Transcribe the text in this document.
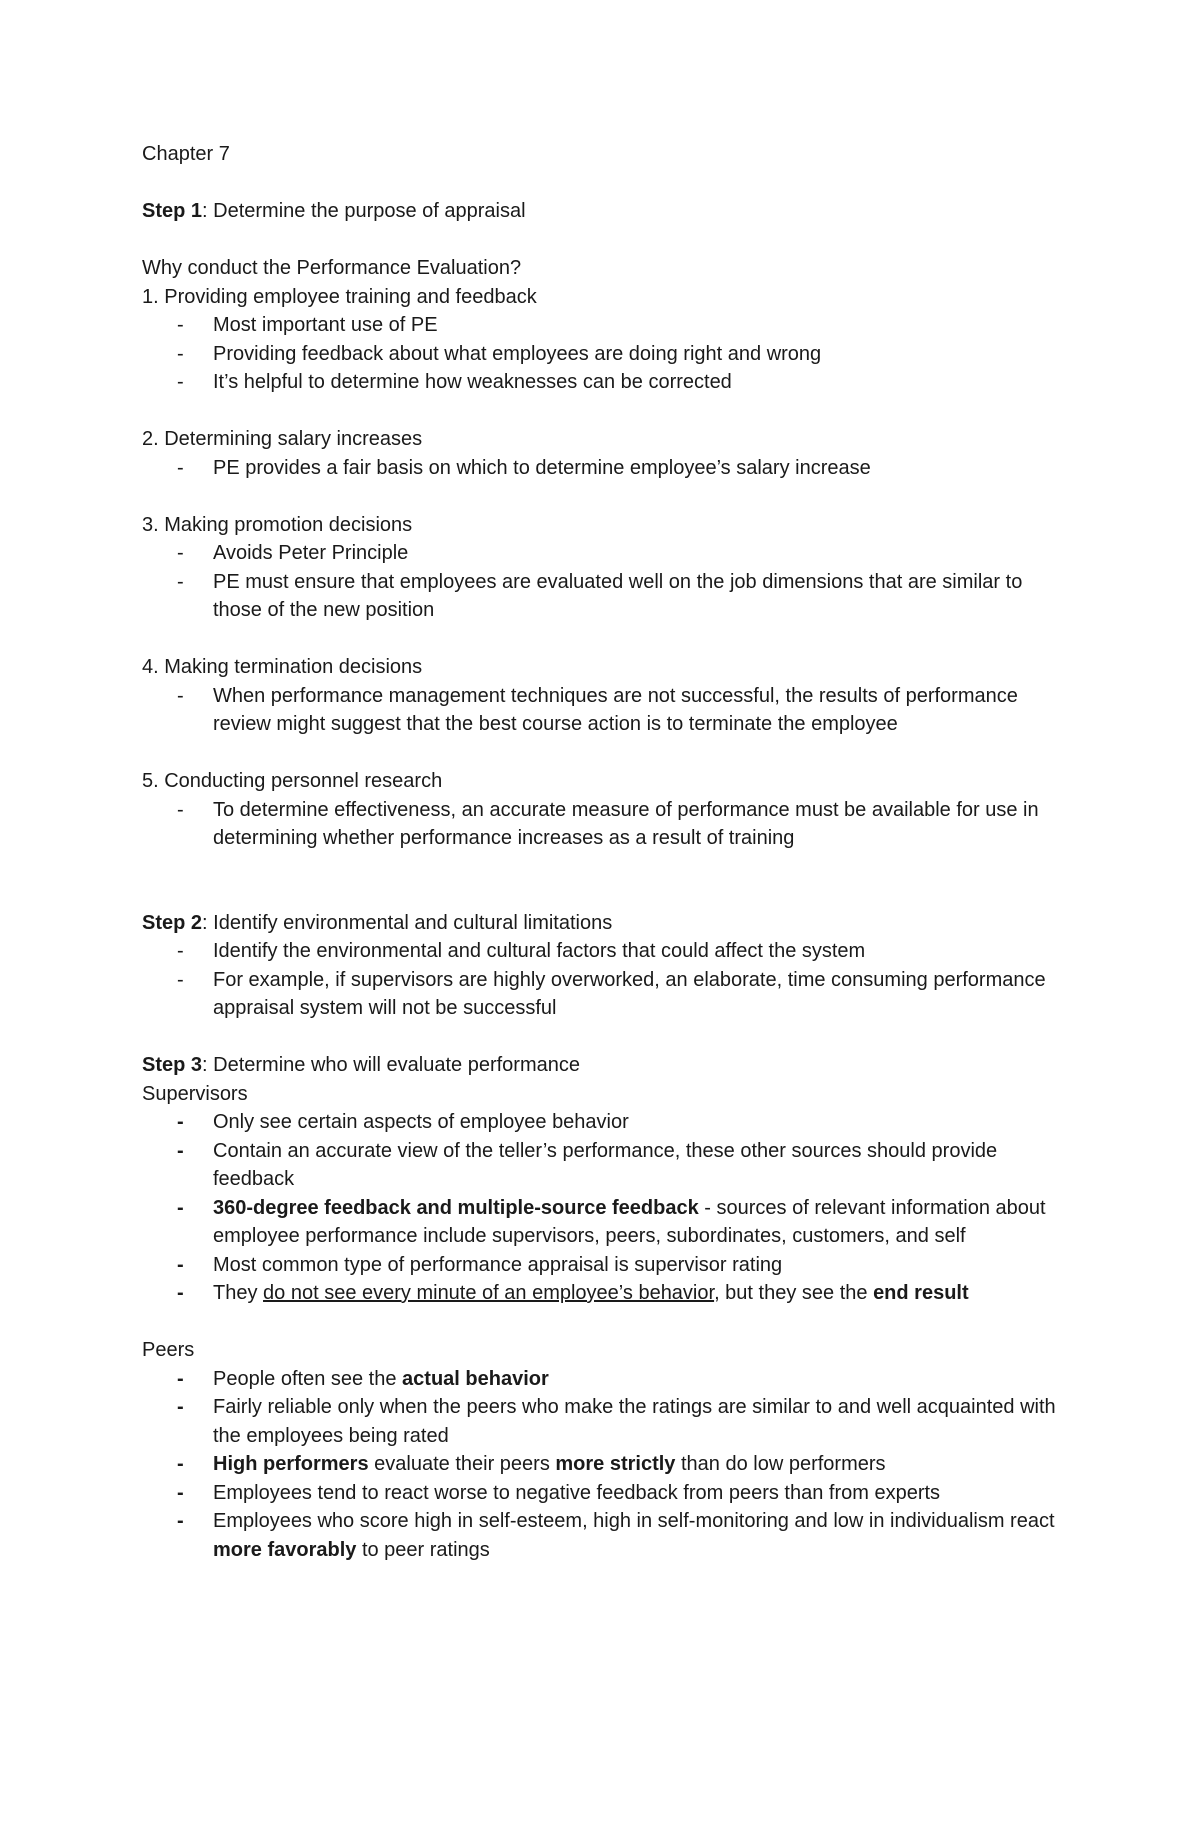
Chapter 7
Step 1: Determine the purpose of appraisal
Why conduct the Performance Evaluation?
1. Providing employee training and feedback
- Most important use of PE
- Providing feedback about what employees are doing right and wrong
- It’s helpful to determine how weaknesses can be corrected
2. Determining salary increases
- PE provides a fair basis on which to determine employee’s salary increase
3. Making promotion decisions
- Avoids Peter Principle
- PE must ensure that employees are evaluated well on the job dimensions that are similar to those of the new position
4. Making termination decisions
- When performance management techniques are not successful, the results of performance review might suggest that the best course action is to terminate the employee
5. Conducting personnel research
- To determine effectiveness, an accurate measure of performance must be available for use in determining whether performance increases as a result of training
Step 2: Identify environmental and cultural limitations
- Identify the environmental and cultural factors that could affect the system
- For example, if supervisors are highly overworked, an elaborate, time consuming performance appraisal system will not be successful
Step 3: Determine who will evaluate performance
Supervisors
- Only see certain aspects of employee behavior
- Contain an accurate view of the teller’s performance, these other sources should provide feedback
- 360-degree feedback and multiple-source feedback - sources of relevant information about employee performance include supervisors, peers, subordinates, customers, and self
- Most common type of performance appraisal is supervisor rating
- They do not see every minute of an employee’s behavior, but they see the end result
Peers
- People often see the actual behavior
- Fairly reliable only when the peers who make the ratings are similar to and well acquainted with the employees being rated
- High performers evaluate their peers more strictly than do low performers
- Employees tend to react worse to negative feedback from peers than from experts
- Employees who score high in self-esteem, high in self-monitoring and low in individualism react more favorably to peer ratings
